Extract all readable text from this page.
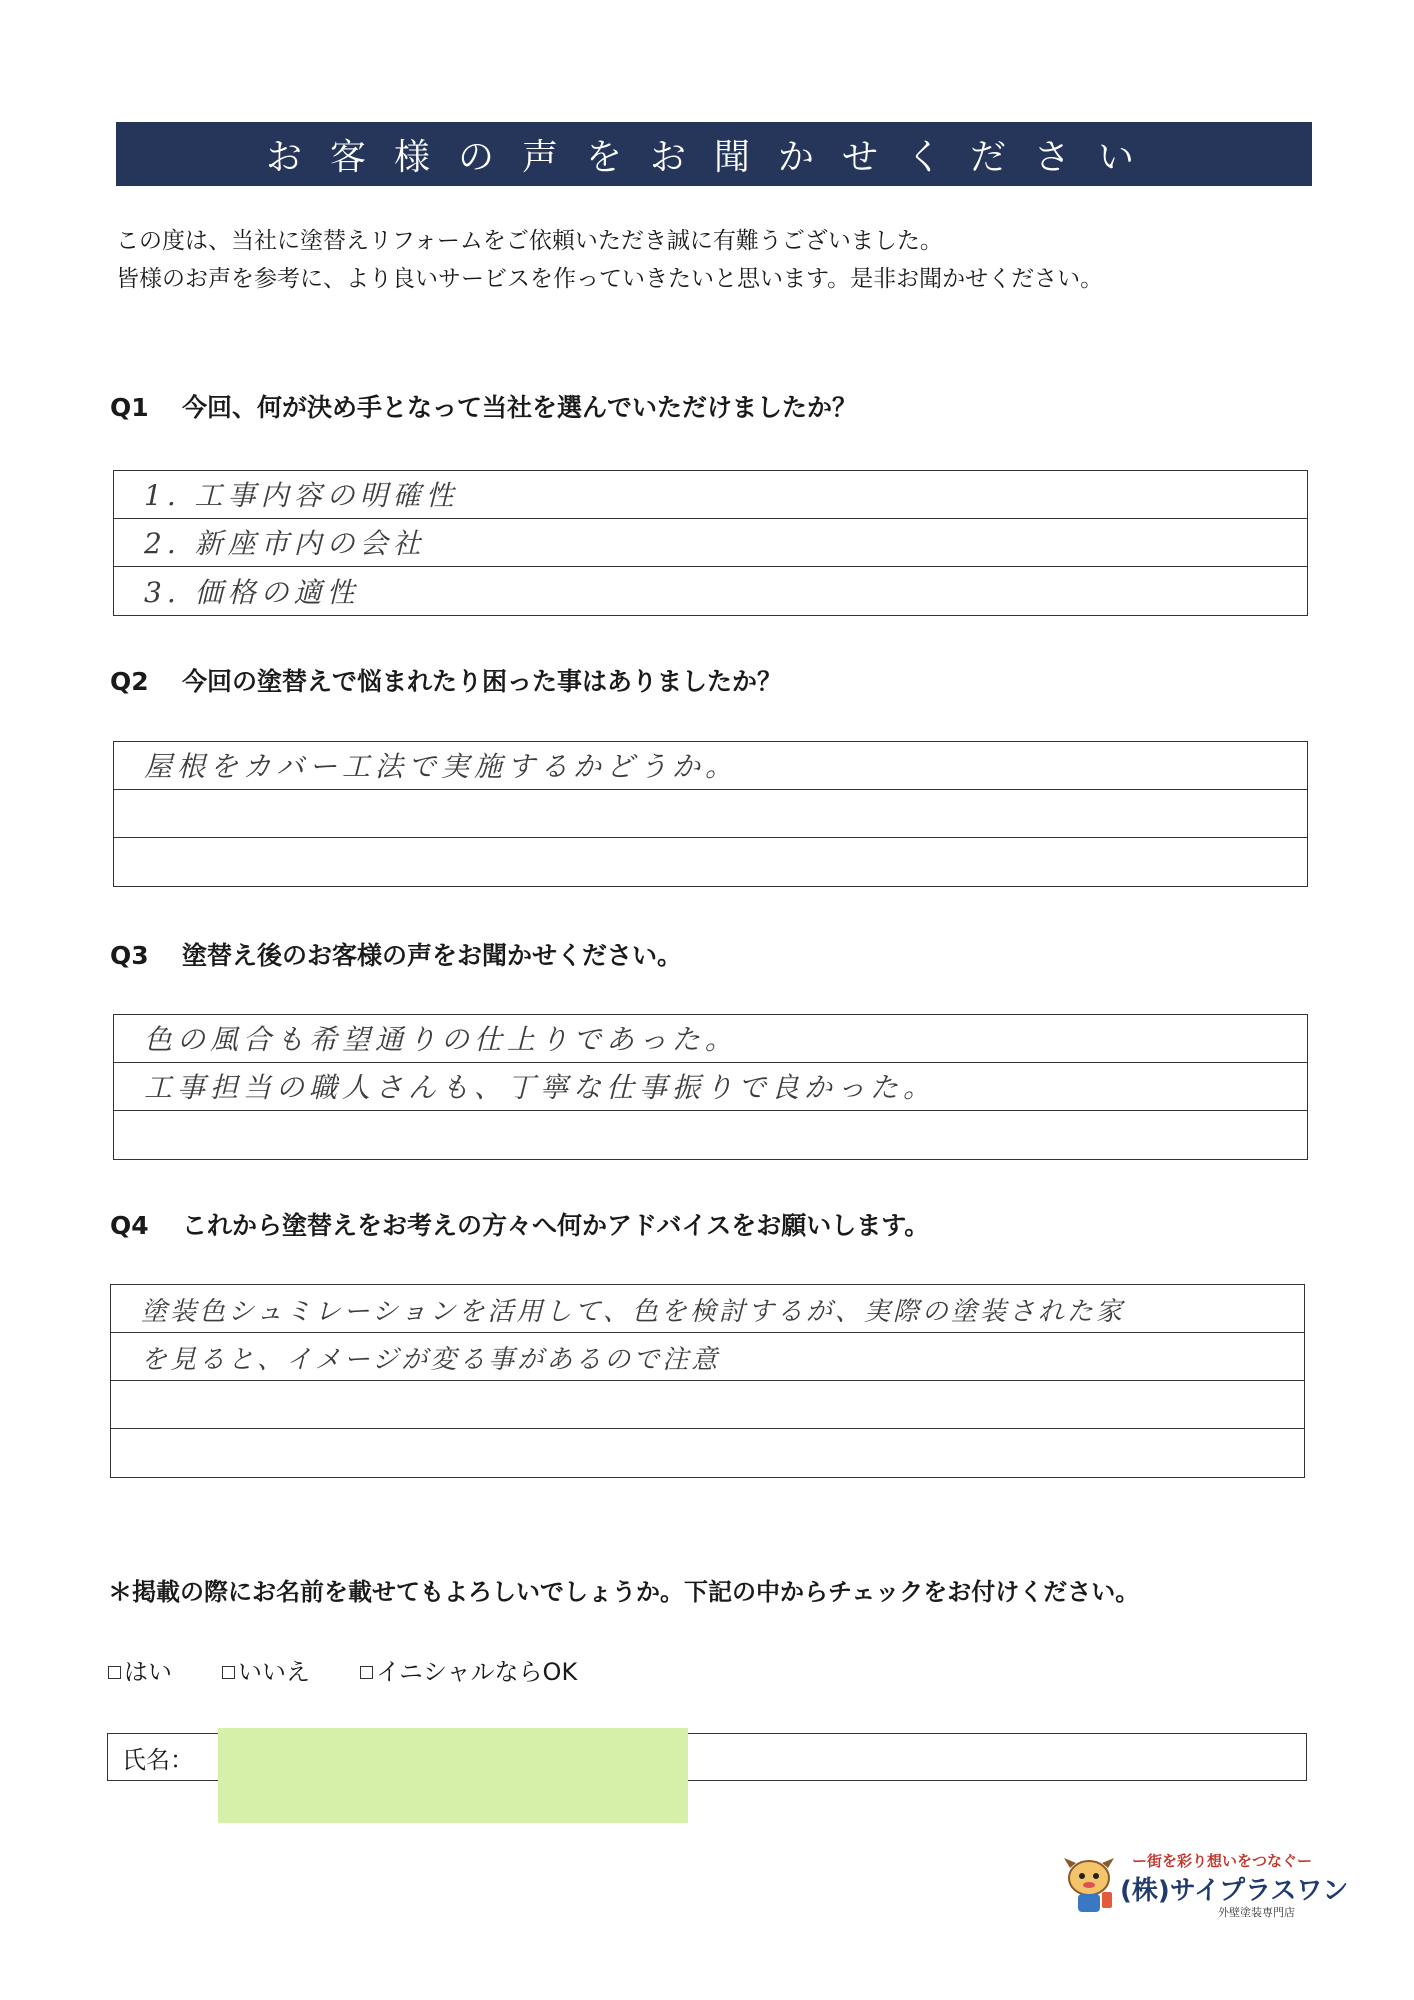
お客様の声をお聞かせください
この度は、当社に塗替えリフォームをご依頼いただき誠に有難うございました。
皆様のお声を参考に、より良いサービスを作っていきたいと思います。是非お聞かせください。
Q1 今回、何が決め手となって当社を選んでいただけましたか？
1. 工事内容の明確性
2. 新座市内の会社
3. 価格の適性
Q2 今回の塗替えで悩まれたり困った事はありましたか？
屋根をカバー工法で実施するかどうか。
Q3 塗替え後のお客様の声をお聞かせください。
色の風合も希望通りの仕上りであった。
工事担当の職人さんも、丁寧な仕事振りで良かった。
Q4 これから塗替えをお考えの方々へ何かアドバイスをお願いします。
塗装色シュミレーションを活用して、色を検討するが、実際の塗装された家
を見ると、イメージが変る事があるので注意
＊掲載の際にお名前を載せてもよろしいでしょうか。下記の中からチェックをお付けください。
はい	いいえ	イニシャルならOK
氏名：
ー街を彩り想いをつなぐー
(株)サイプラスワン
外壁塗装専門店
